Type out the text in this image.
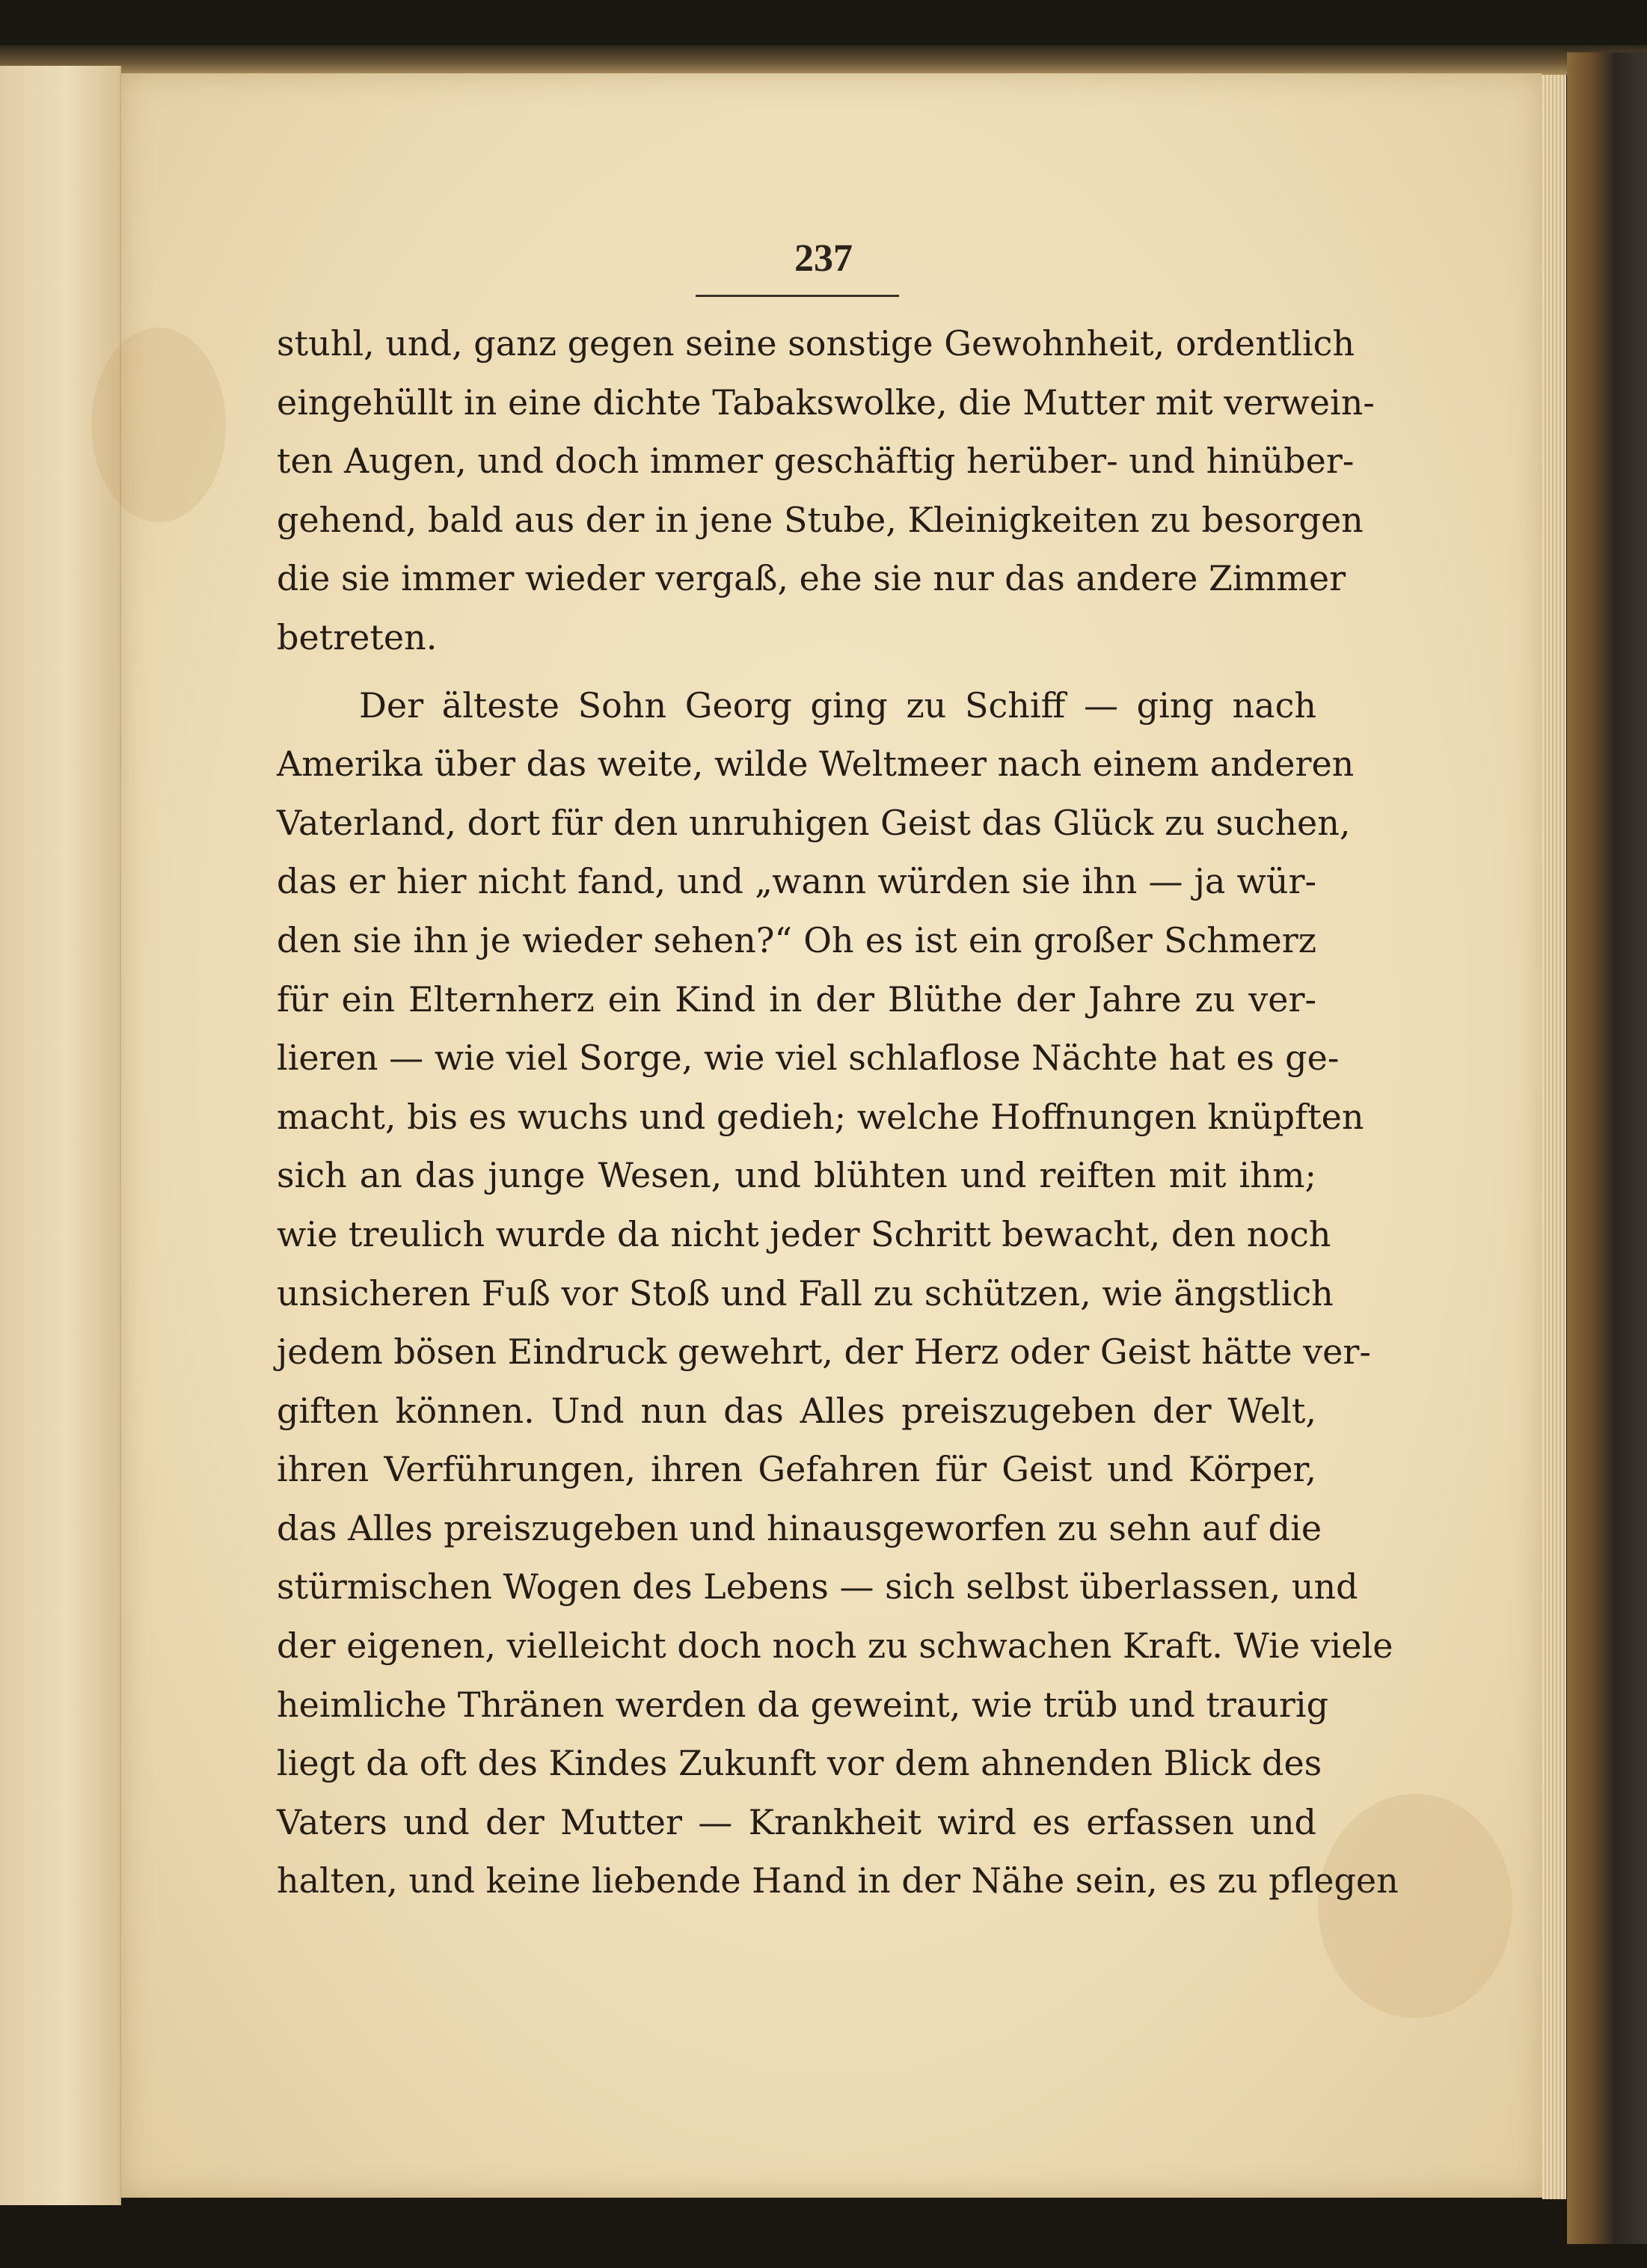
237
stuhl, und, ganz gegen seine sonstige Gewohnheit, ordentlich
eingehüllt in eine dichte Tabakswolke, die Mutter mit verwein-
ten Augen, und doch immer geschäftig herüber- und hinüber-
gehend, bald aus der in jene Stube, Kleinigkeiten zu besorgen
die sie immer wieder vergaß, ehe sie nur das andere Zimmer
betreten.
Der älteste Sohn Georg ging zu Schiff — ging nach
Amerika über das weite, wilde Weltmeer nach einem anderen
Vaterland, dort für den unruhigen Geist das Glück zu suchen,
das er hier nicht fand, und „wann würden sie ihn — ja wür-
den sie ihn je wieder sehen?“ Oh es ist ein großer Schmerz
für ein Elternherz ein Kind in der Blüthe der Jahre zu ver-
lieren — wie viel Sorge, wie viel schlaflose Nächte hat es ge-
macht, bis es wuchs und gedieh; welche Hoffnungen knüpften
sich an das junge Wesen, und blühten und reiften mit ihm;
wie treulich wurde da nicht jeder Schritt bewacht, den noch
unsicheren Fuß vor Stoß und Fall zu schützen, wie ängstlich
jedem bösen Eindruck gewehrt, der Herz oder Geist hätte ver-
giften können. Und nun das Alles preiszugeben der Welt,
ihren Verführungen, ihren Gefahren für Geist und Körper,
das Alles preiszugeben und hinausgeworfen zu sehn auf die
stürmischen Wogen des Lebens — sich selbst überlassen, und
der eigenen, vielleicht doch noch zu schwachen Kraft. Wie viele
heimliche Thränen werden da geweint, wie trüb und traurig
liegt da oft des Kindes Zukunft vor dem ahnenden Blick des
Vaters und der Mutter — Krankheit wird es erfassen und
halten, und keine liebende Hand in der Nähe sein, es zu pflegen
